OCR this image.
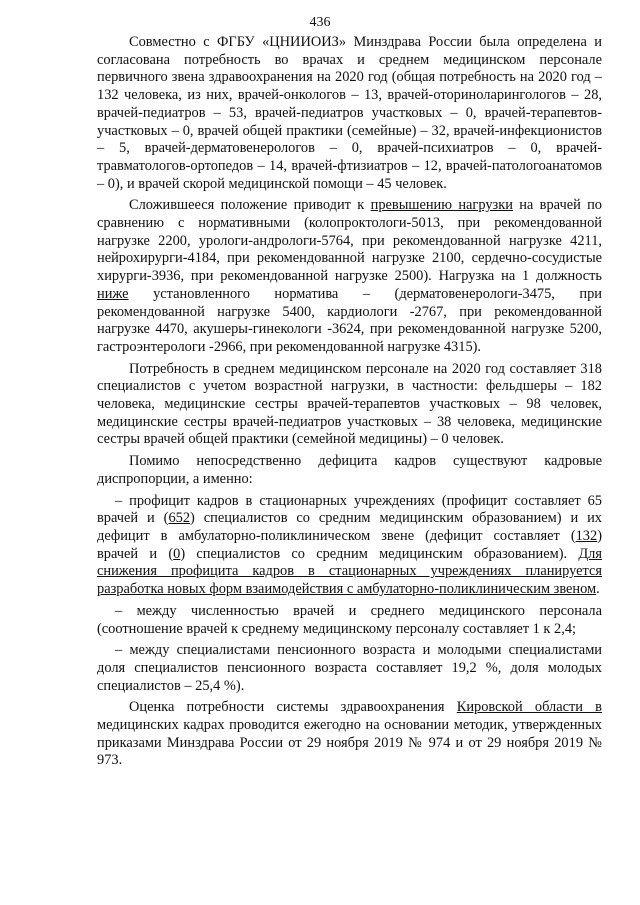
436

Совместно с ФГБУ «ЦНИИОИЗ» Минздрава России была определена и согласована потребность во врачах и среднем медицинском персонале первичного звена здравоохранения на 2020 год (общая потребность на 2020 год – 132 человека, из них, врачей-онкологов – 13, врачей-оториноларингологов – 28, врачей-педиатров – 53, врачей-педиатров участковых – 0, врачей-терапевтов-участковых – 0, врачей общей практики (семейные) – 32, врачей-инфекционистов – 5, врачей-дерматовенерологов – 0, врачей-психиатров – 0, врачей-травматологов-ортопедов – 14, врачей-фтизиатров – 12, врачей-патологоанатомов – 0), и врачей скорой медицинской помощи – 45 человек.

Сложившееся положение приводит к превышению нагрузки на врачей по сравнению с нормативными (колопроктологи-5013, при рекомендованной нагрузке 2200, урологи-андрологи-5764, при рекомендованной нагрузке 4211, нейрохирурги-4184, при рекомендованной нагрузке 2100, сердечно-сосудистые хирурги-3936, при рекомендованной нагрузке 2500). Нагрузка на 1 должность ниже установленного норматива – (дерматовенерологи-3475, при рекомендованной нагрузке 5400, кардиологи -2767, при рекомендованной нагрузке 4470, акушеры-гинекологи -3624, при рекомендованной нагрузке 5200, гастроэнтерологи -2966, при рекомендованной нагрузке 4315).

Потребность в среднем медицинском персонале на 2020 год составляет 318 специалистов с учетом возрастной нагрузки, в частности: фельдшеры – 182 человека, медицинские сестры врачей-терапевтов участковых – 98 человек, медицинские сестры врачей-педиатров участковых – 38 человека, медицинские сестры врачей общей практики (семейной медицины) – 0 человек.

Помимо непосредственно дефицита кадров существуют кадровые диспропорции, а именно:

– профицит кадров в стационарных учреждениях (профицит составляет 65 врачей и (652) специалистов со средним медицинским образованием) и их дефицит в амбулаторно-поликлиническом звене (дефицит составляет (132) врачей и (0) специалистов со средним медицинским образованием). Для снижения профицита кадров в стационарных учреждениях планируется разработка новых форм взаимодействия с амбулаторно-поликлиническим звеном.

– между численностью врачей и среднего медицинского персонала (соотношение врачей к среднему медицинскому персоналу составляет 1 к 2,4;

– между специалистами пенсионного возраста и молодыми специалистами доля специалистов пенсионного возраста составляет 19,2 %, доля молодых специалистов – 25,4 %).

Оценка потребности системы здравоохранения Кировской области в медицинских кадрах проводится ежегодно на основании методик, утвержденных приказами Минздрава России от 29 ноября 2019 № 974 и от 29 ноября 2019 № 973.
